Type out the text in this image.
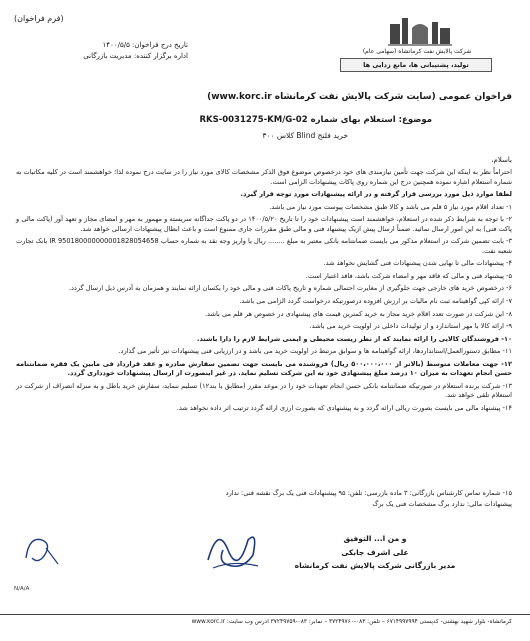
(فرم فراخوان)
شرکت پالایش نفت کرمانشاه (سهامی عام)
تولید، پشتیبانی ها، مانع زدایی ها
تاریخ درج فراخوان: ۱۴۰۰/۵/۵
اداره برگزار کننده: مدیریت بازرگانی
فراخوان عمومی (سایت شرکت پالایش نفت کرمانشاه www.korc.ir)
موضوع: استعلام بهای شماره RKS-0031275-KM/G-02
خرید فلنج Blind کلاس ۳۰۰
باسلام،

احتراماً نظر به اینکه این شرکت جهت تأمین نیازمندی های خود درخصوص موضوع فوق الذکر مشخصات کالای مورد نیاز را در سایت درج نموده لذا؛ خواهشمند است در کلیه مکاتبات به شماره استعلام اشاره نموده همچنین درج این شماره روی پاکات پیشنهادات الزامی است.

لطفا موارد ذیل مورد بررسی قرار گرفته و در ارائه پیشنهادات مورد توجه قرار گیرد.

۱- تعداد اقلام مورد نیاز ۵ قلم می باشد و کالا طبق مشخصات پیوست مورد نیاز می باشد.

۲- با توجه به شرایط ذکر شده در استعلام، خواهشمند است پیشنهادات خود را تا تاریخ ۱۴۰۰/۵/۲۰ در دو پاکت جداگانه سربسته و مهمور به مهر و امضای مجاز و تعهد آور (پاکت مالی و پاکت فنی) به این امور ارسال نمائید. ضمناً ارسال پیش ازیک پیشنهاد فنی و مالی طبق مقررات جاری ممنوع است و باعث ابطال پیشنهادات ارسالی خواهد شد.

۳- بابت تضمین شرکت در استعلام مذکور می بایست ضمانتنامه بانکی معتبر به مبلغ ........ ریال یا واریز وجه نقد به شماره حساب IR 950180000000001828054658 بانک تجارت شعبه نفت.

۴- پیشنهادات مالی تا نهایی شدن پیشنهادات فنی گشایش نخواهد شد.

۵- پیشنهاد فنی و مالی که فاقد مهر و امضاء شرکت باشد، فاقد اعتبار است.

۶- درخصوص خرید های خارجی جهت جلوگیری از مغایرت احتمالی شماره و تاریخ پاکات فنی و مالی خود را یکسان ارائه نمایند و همزمان به آدرس ذیل ارسال گردد.

۷- ارائه کپی گواهینامه ثبت نام مالیات بر ارزش افزوده درصورتیکه درخواست گردد الزامی می باشد.

۸- این شرکت در صورت تعدد اقلام خرید مجاز به خرید کمترین قیمت های پیشنهادی در خصوص هر قلم می باشد.

۹- ارائه کالا با مهر استاندارد و از تولیدات داخلی در اولویت خرید می باشد.

۱۰- فروشندگان کالایی را ارائه نمایند که از نظر زیست محیطی و ایمنی شرایط لازم را دارا باشند.

۱۱- مطابق دستورالعمل/استانداردها، ارائه گواهینامه ها و سوابق مرتبط در اولویت خرید می باشد و در ارزیابی فنی پیشنهادات نیز تأثیر می گذارد.

۱۲- جهت معاملات متوسط (بالاتر از ۵۰۰،۰۰۰،۰۰۰ ریال) فروشنده می بایست جهت تضمین سفارش صادره و عقد قرارداد فی مابین یک فقره ضمانتنامه حسن انجام تعهدات به میزان ۱۰ درصد مبلغ پیشنهادی خود به این شرکت تسلیم نماید. در غیر اینصورت از ارسال پیشنهادات خودداری گردد.

۱۳- شرکت برنده استعلام در صورتیکه ضمانتنامه بانکی حسن انجام تعهدات خود را در موعد مقرر (مطابق با بند۱۲) تسلیم ننماید، سفارش خرید باطل و به منزله انصراف از شرکت در استعلام تلقی خواهد شد.

۱۴- پیشنهاد مالی می بایست بصورت ریالی ارائه گردد و به پیشنهادی که بصورت ارزی ارائه گردد ترتیب اثر داده نخواهد شد.

۱۵- شماره تماس کارشناس بازرگانی: ۳ ماده بازرسی: تلفن: ۹۵ پیشنهادات فنی یک برگ نقشه فنی: ندارد
پیشنهادات مالی: ندارد برگ مشخصات فنی یک برگ
و من ا... التوفیق
علی اشرف جابکی
مدیر بازرگانی شرکت پالایش نفت کرمانشاه
N/A/A
کرمانشاه- بلوار شهید بهشتی- کدپستی ۶۷۱۴۹۹۷۹۹۴ – تلفن: ۰۸۳-۳۷۲۴۹۷۶۰ – نمابر: ۰۸۳-۳۷۲۴۹۷۵۹ آدرس وب سایت: www.korc.ir
